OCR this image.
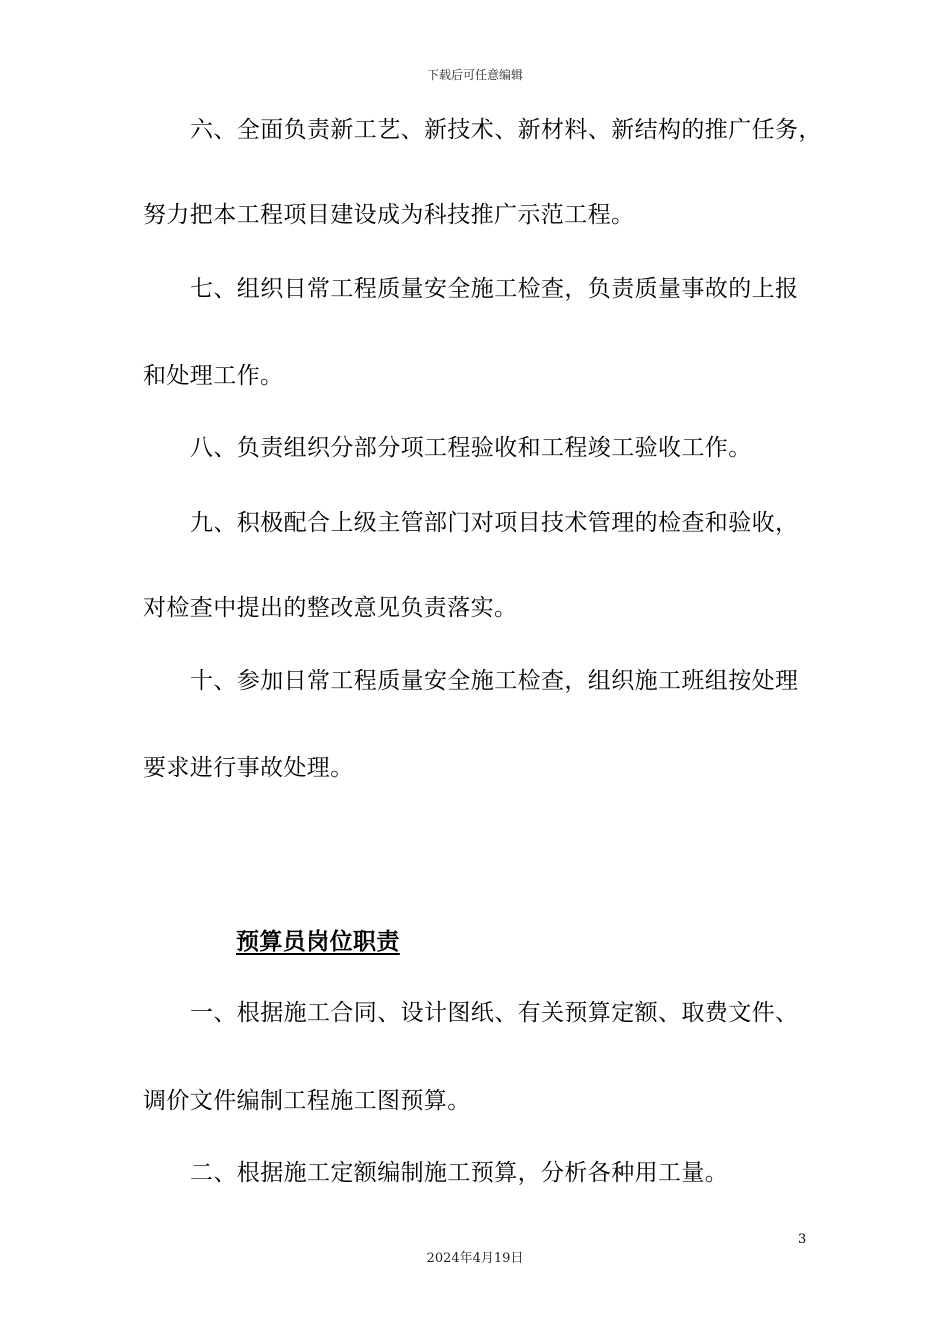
下载后可任意编辑
六、全面负责新工艺、新技术、新材料、新结构的推广任务，
努力把本工程项目建设成为科技推广示范工程。
七、组织日常工程质量安全施工检查，负责质量事故的上报
和处理工作。
八、负责组织分部分项工程验收和工程竣工验收工作。
九、积极配合上级主管部门对项目技术管理的检查和验收，
对检查中提出的整改意见负责落实。
十、参加日常工程质量安全施工检查，组织施工班组按处理
要求进行事故处理。
预算员岗位职责
一、根据施工合同、设计图纸、有关预算定额、取费文件、
调价文件编制工程施工图预算。
二、根据施工定额编制施工预算，分析各种用工量。
3
2024年4月19日
